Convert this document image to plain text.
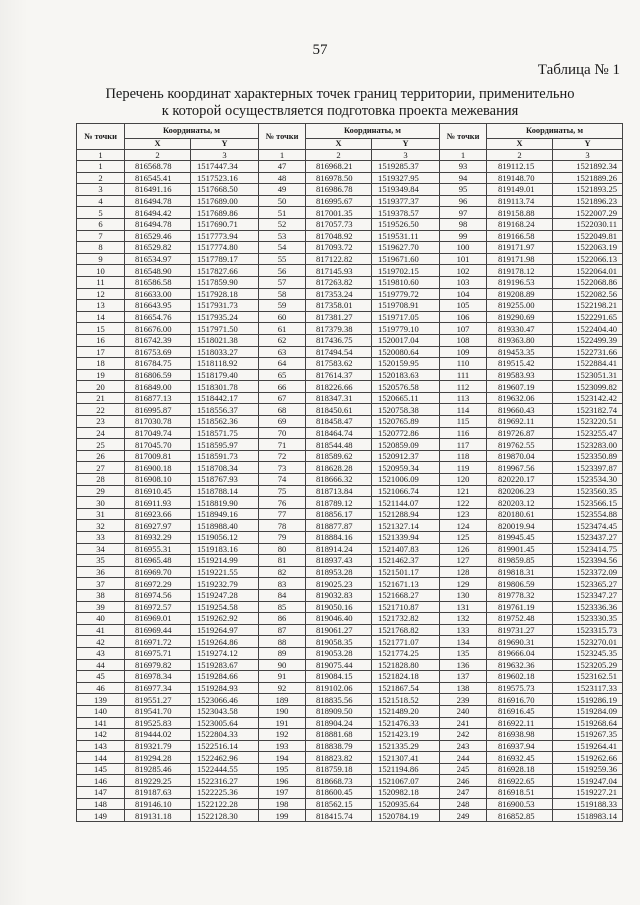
57
Таблица № 1
Перечень координат характерных точек границ территории, применительно
к которой осуществляется подготовка проекта межевания
№ точки	Координаты, м		№ точки	Координаты, м		№ точки	Координаты, м	
	X	Y		X	Y		X	Y
1	2	3	1	2	3	1	2	3
1	816568.78	1517447.34	47	816968.21	1519285.37	93	819112.15	1521892.34
2	816545.41	1517523.16	48	816978.50	1519327.95	94	819148.70	1521889.26
3	816491.16	1517668.50	49	816986.78	1519349.84	95	819149.01	1521893.25
4	816494.78	1517689.00	50	816995.67	1519377.37	96	819113.74	1521896.23
5	816494.42	1517689.86	51	817001.35	1519378.57	97	819158.88	1522007.29
6	816494.78	1517690.71	52	817057.73	1519526.50	98	819168.24	1522030.11
7	816529.46	1517773.94	53	817048.92	1519531.11	99	819166.58	1522049.81
8	816529.82	1517774.80	54	817093.72	1519627.70	100	819171.97	1522063.19
9	816534.97	1517789.17	55	817122.82	1519671.60	101	819171.98	1522066.13
10	816548.90	1517827.66	56	817145.93	1519702.15	102	819178.12	1522064.01
11	816586.58	1517859.90	57	817263.82	1519810.60	103	819196.53	1522068.86
12	816633.00	1517928.18	58	817353.24	1519779.72	104	819208.89	1522082.56
13	816643.95	1517931.73	59	817358.01	1519708.91	105	819255.00	1522198.21
14	816654.76	1517935.24	60	817381.27	1519717.05	106	819290.69	1522291.65
15	816676.00	1517971.50	61	817379.38	1519779.10	107	819330.47	1522404.40
16	816742.39	1518021.38	62	817436.75	1520017.04	108	819363.80	1522499.39
17	816753.69	1518033.27	63	817494.54	1520080.64	109	819453.35	1522731.66
18	816784.75	1518118.92	64	817583.62	1520159.95	110	819515.42	1522884.41
19	816806.59	1518179.40	65	817614.37	1520183.63	111	819583.93	1523051.31
20	816849.00	1518301.78	66	818226.66	1520576.58	112	819607.19	1523099.82
21	816877.13	1518442.17	67	818347.31	1520665.11	113	819632.06	1523142.42
22	816995.87	1518556.37	68	818450.61	1520758.38	114	819660.43	1523182.74
23	817030.78	1518562.36	69	818458.47	1520765.89	115	819692.11	1523220.51
24	817049.74	1518571.75	70	818464.74	1520772.86	116	819726.87	1523255.47
25	817045.70	1518595.97	71	818544.48	1520859.09	117	819762.55	1523283.00
26	817009.81	1518591.73	72	818589.62	1520912.37	118	819870.04	1523350.89
27	816900.18	1518708.34	73	818628.28	1520959.34	119	819967.56	1523397.87
28	816908.10	1518767.93	74	818666.32	1521006.09	120	820220.17	1523534.30
29	816910.45	1518788.14	75	818713.84	1521066.74	121	820206.23	1523560.35
30	816911.93	1518819.90	76	818789.12	1521144.07	122	820203.12	1523566.15
31	816923.66	1518949.16	77	818856.17	1521288.94	123	820180.61	1523554.88
32	816927.97	1518988.40	78	818877.87	1521327.14	124	820019.94	1523474.45
33	816932.29	1519056.12	79	818884.16	1521339.94	125	819945.45	1523437.27
34	816955.31	1519183.16	80	818914.24	1521407.83	126	819901.45	1523414.75
35	816965.48	1519214.99	81	818937.43	1521462.37	127	819859.85	1523394.56
36	816969.70	1519221.55	82	818953.28	1521501.17	128	819818.31	1523372.09
37	816972.29	1519232.79	83	819025.23	1521671.13	129	819806.59	1523365.27
38	816974.56	1519247.28	84	819032.83	1521668.27	130	819778.32	1523347.27
39	816972.57	1519254.58	85	819050.16	1521710.87	131	819761.19	1523336.36
40	816969.01	1519262.92	86	819046.40	1521732.82	132	819752.48	1523330.35
41	816969.44	1519264.97	87	819061.27	1521768.82	133	819731.27	1523315.73
42	816971.72	1519264.86	88	819058.35	1521771.07	134	819690.31	1523270.01
43	816975.71	1519274.12	89	819053.28	1521774.25	135	819666.04	1523245.35
44	816979.82	1519283.67	90	819075.44	1521828.80	136	819632.36	1523205.29
45	816978.34	1519284.66	91	819084.15	1521824.18	137	819602.18	1523162.51
46	816977.34	1519284.93	92	819102.06	1521867.54	138	819575.73	1523117.33
139	819551.27	1523066.46	189	818835.56	1521518.52	239	816916.70	1519286.19
140	819541.70	1523043.58	190	818909.50	1521489.20	240	816916.45	1519284.09
141	819525.83	1523005.64	191	818904.24	1521476.33	241	816922.11	1519268.64
142	819444.02	1522804.33	192	818881.68	1521423.19	242	816938.98	1519267.35
143	819321.79	1522516.14	193	818838.79	1521335.29	243	816937.94	1519264.41
144	819294.28	1522462.96	194	818823.82	1521307.41	244	816932.45	1519262.66
145	819285.46	1522444.55	195	818759.18	1521194.86	245	816928.18	1519259.36
146	819229.25	1522316.27	196	818668.73	1521067.07	246	816922.65	1519247.04
147	819187.63	1522225.36	197	818600.45	1520982.18	247	816918.51	1519227.21
148	819146.10	1522122.28	198	818562.15	1520935.64	248	816900.53	1519188.33
149	819131.18	1522128.30	199	818415.74	1520784.19	249	816852.85	1518983.14
